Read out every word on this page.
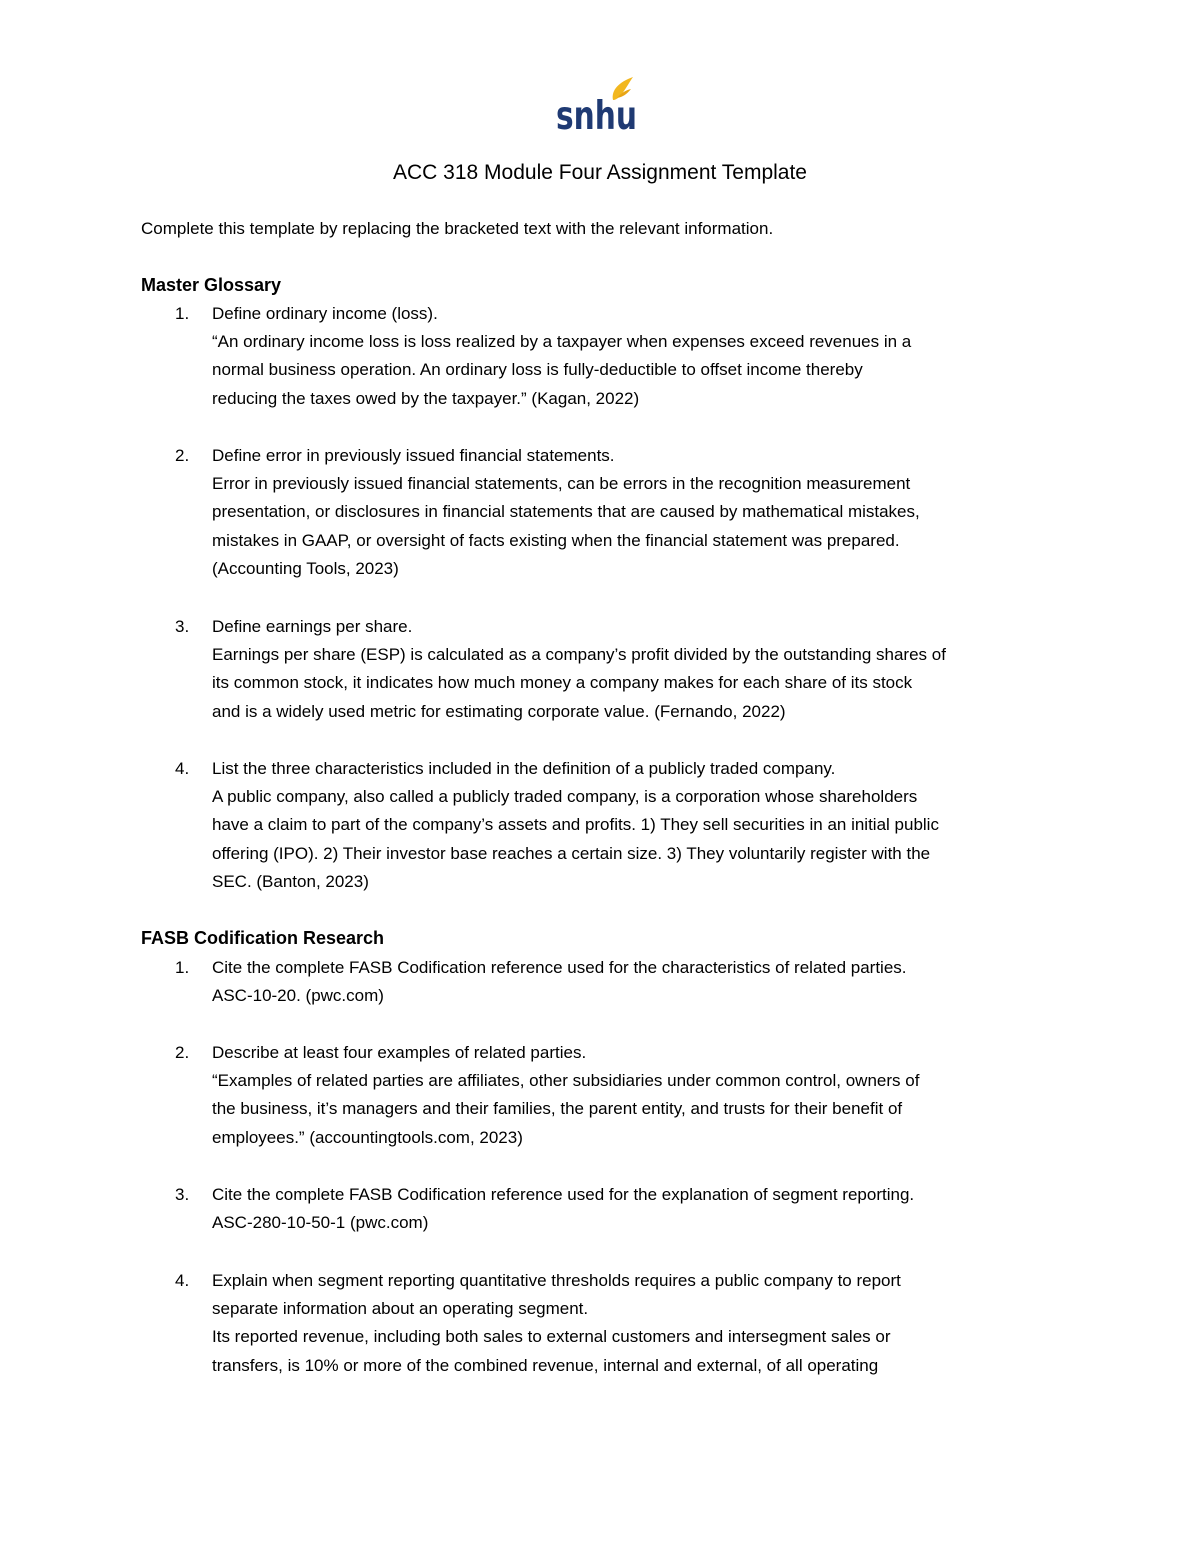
snhu
ACC 318 Module Four Assignment Template
Complete this template by replacing the bracketed text with the relevant information.
Master Glossary
1. Define ordinary income (loss).
“An ordinary income loss is loss realized by a taxpayer when expenses exceed revenues in a
normal business operation. An ordinary loss is fully-deductible to offset income thereby
reducing the taxes owed by the taxpayer.” (Kagan, 2022)
2. Define error in previously issued financial statements.
Error in previously issued financial statements, can be errors in the recognition measurement
presentation, or disclosures in financial statements that are caused by mathematical mistakes,
mistakes in GAAP, or oversight of facts existing when the financial statement was prepared.
(Accounting Tools, 2023)
3. Define earnings per share.
Earnings per share (ESP) is calculated as a company’s profit divided by the outstanding shares of
its common stock, it indicates how much money a company makes for each share of its stock
and is a widely used metric for estimating corporate value. (Fernando, 2022)
4. List the three characteristics included in the definition of a publicly traded company.
A public company, also called a publicly traded company, is a corporation whose shareholders
have a claim to part of the company’s assets and profits. 1) They sell securities in an initial public
offering (IPO). 2) Their investor base reaches a certain size. 3) They voluntarily register with the
SEC. (Banton, 2023)
FASB Codification Research
1. Cite the complete FASB Codification reference used for the characteristics of related parties.
ASC-10-20. (pwc.com)
2. Describe at least four examples of related parties.
“Examples of related parties are affiliates, other subsidiaries under common control, owners of
the business, it’s managers and their families, the parent entity, and trusts for their benefit of
employees.” (accountingtools.com, 2023)
3. Cite the complete FASB Codification reference used for the explanation of segment reporting.
ASC-280-10-50-1 (pwc.com)
4. Explain when segment reporting quantitative thresholds requires a public company to report
separate information about an operating segment.
Its reported revenue, including both sales to external customers and intersegment sales or
transfers, is 10% or more of the combined revenue, internal and external, of all operating
